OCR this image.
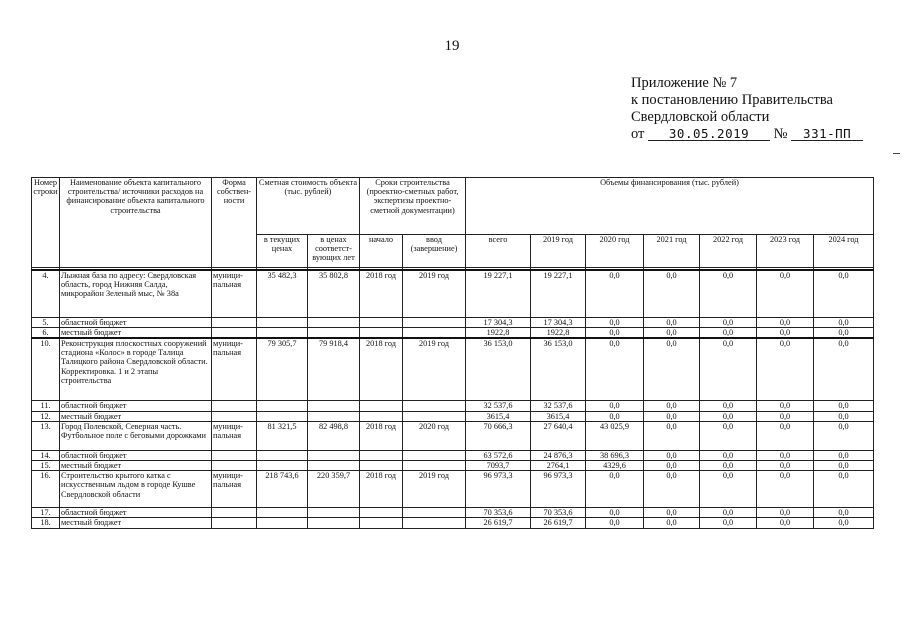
19
Приложение № 7
к постановлению Правительства
Свердловской области
от 30.05.2019 № 331-ПП
Номер строки	Наименование объекта капитального строительства/ источники расходов на финансирование объекта капитального строительства	Форма собствен-ности	Сметная стоимость объекта (тыс. рублей)		Сроки строительства (проектно-сметных работ, экспертизы проектно-сметной документации)		Объемы финансирования (тыс. рублей)						
			в текущих ценах	в ценах соответст-вующих лет	начало	ввод (завершение)	всего	2019 год	2020 год	2021 год	2022 год	2023 год	2024 год

4.	Лыжная база по адресу: Свердловская область, город Нижняя Салда, микрорайон Зеленый мыс, № 38а	муници-пальная	35 482,3	35 802,8	2018 год	2019 год	19 227,1	19 227,1	0,0	0,0	0,0	0,0	0,0
5.	областной бюджет						17 304,3	17 304,3	0,0	0,0	0,0	0,0	0,0
6.	местный бюджет						1922,8	1922,8	0,0	0,0	0,0	0,0	0,0
10.	Реконструкция плоскостных сооружений стадиона «Колос» в городе Талица Талицкого района Свердловской области. Корректировка. 1 и 2 этапы строительства	муници-пальная	79 305,7	79 918,4	2018 год	2019 год	36 153,0	36 153,0	0,0	0,0	0,0	0,0	0,0
11.	областной бюджет						32 537,6	32 537,6	0,0	0,0	0,0	0,0	0,0
12.	местный бюджет						3615,4	3615,4	0,0	0,0	0,0	0,0	0,0
13.	Город Полевской, Северная часть. Футбольное поле с беговыми дорожками	муници-пальная	81 321,5	82 498,8	2018 год	2020 год	70 666,3	27 640,4	43 025,9	0,0	0,0	0,0	0,0
14.	областной бюджет						63 572,6	24 876,3	38 696,3	0,0	0,0	0,0	0,0
15.	местный бюджет						7093,7	2764,1	4329,6	0,0	0,0	0,0	0,0
16.	Строительство крытого катка с искусственным льдом в городе Кушве Свердловской области	муници-пальная	218 743,6	220 359,7	2018 год	2019 год	96 973,3	96 973,3	0,0	0,0	0,0	0,0	0,0
17.	областной бюджет						70 353,6	70 353,6	0,0	0,0	0,0	0,0	0,0
18.	местный бюджет						26 619,7	26 619,7	0,0	0,0	0,0	0,0	0,0
